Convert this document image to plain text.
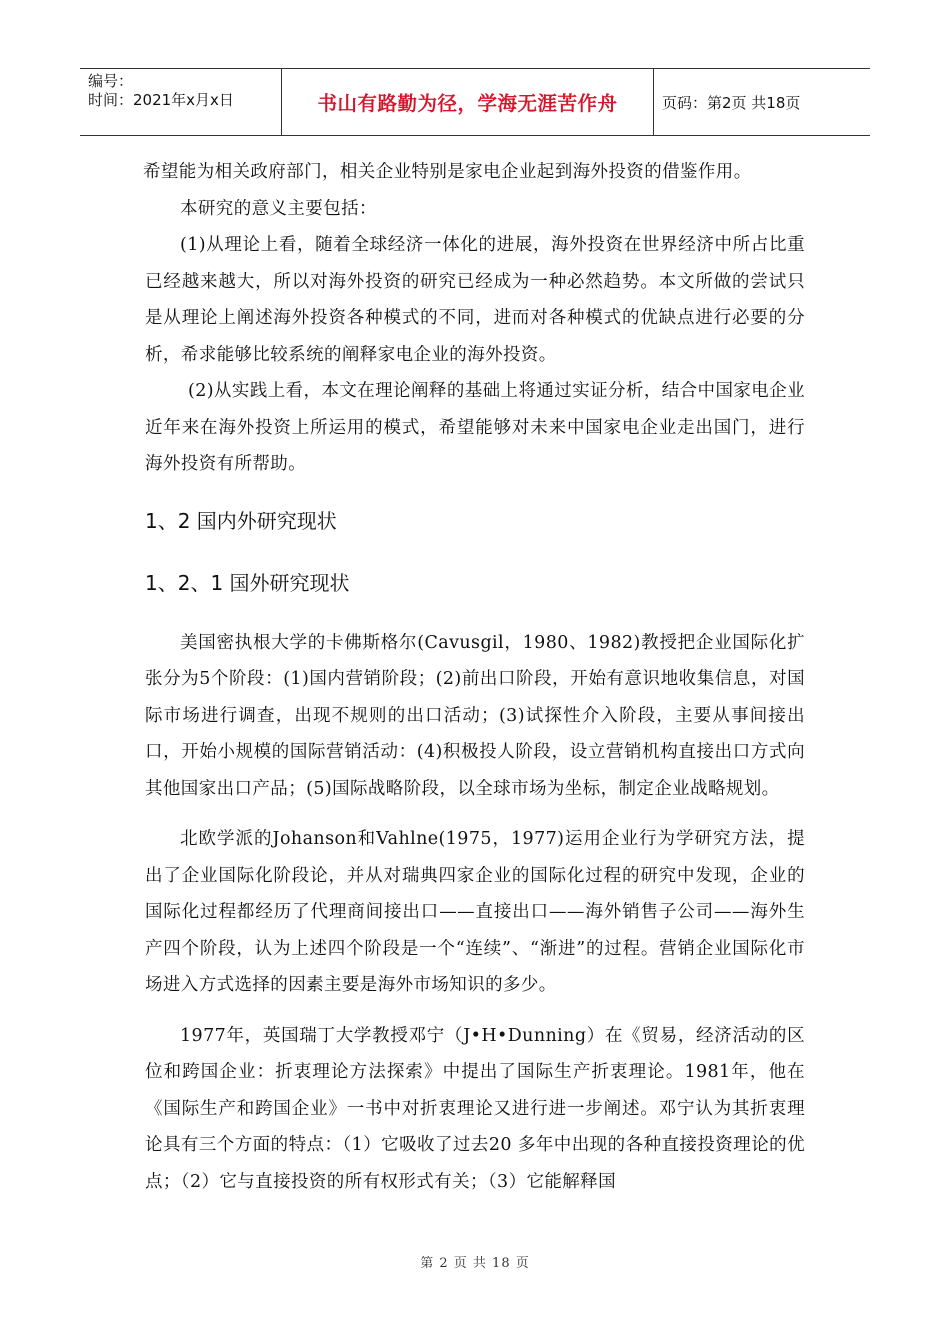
编号：
时间：2021年x月x日	书山有路勤为径，学海无涯苦作舟	页码：第2页 共18页

希望能为相关政府部门，相关企业特别是家电企业起到海外投资的借鉴作用。

本研究的意义主要包括：

(1)从理论上看，随着全球经济一体化的进展，海外投资在世界经济中所占比重已经越来越大，所以对海外投资的研究已经成为一种必然趋势。本文所做的尝试只是从理论上阐述海外投资各种模式的不同，进而对各种模式的优缺点进行必要的分析，希求能够比较系统的阐释家电企业的海外投资。

(2)从实践上看，本文在理论阐释的基础上将通过实证分析，结合中国家电企业近年来在海外投资上所运用的模式，希望能够对未来中国家电企业走出国门，进行海外投资有所帮助。

1、2 国内外研究现状
1、2、1 国外研究现状

美国密执根大学的卡佛斯格尔(Cavusgil，1980、1982)教授把企业国际化扩张分为5个阶段：(1)国内营销阶段；(2)前出口阶段，开始有意识地收集信息，对国际市场进行调查，出现不规则的出口活动；(3)试探性介入阶段，主要从事间接出口，开始小规模的国际营销活动：(4)积极投人阶段，设立营销机构直接出口方式向其他国家出口产品；(5)国际战略阶段，以全球市场为坐标，制定企业战略规划。

北欧学派的Johanson和Vahlne(1975，1977)运用企业行为学研究方法，提出了企业国际化阶段论，并从对瑞典四家企业的国际化过程的研究中发现，企业的国际化过程都经历了代理商间接出口——直接出口——海外销售子公司——海外生产四个阶段，认为上述四个阶段是一个“连续”、“渐进”的过程。营销企业国际化市场进入方式选择的因素主要是海外市场知识的多少。

1977年，英国瑞丁大学教授邓宁（J•H•Dunning）在《贸易，经济活动的区位和跨国企业：折衷理论方法探索》中提出了国际生产折衷理论。1981年，他在《国际生产和跨国企业》一书中对折衷理论又进行进一步阐述。邓宁认为其折衷理论具有三个方面的特点：（1）它吸收了过去20 多年中出现的各种直接投资理论的优点；（2）它与直接投资的所有权形式有关；（3）它能解释国

第 2 页 共 18 页
